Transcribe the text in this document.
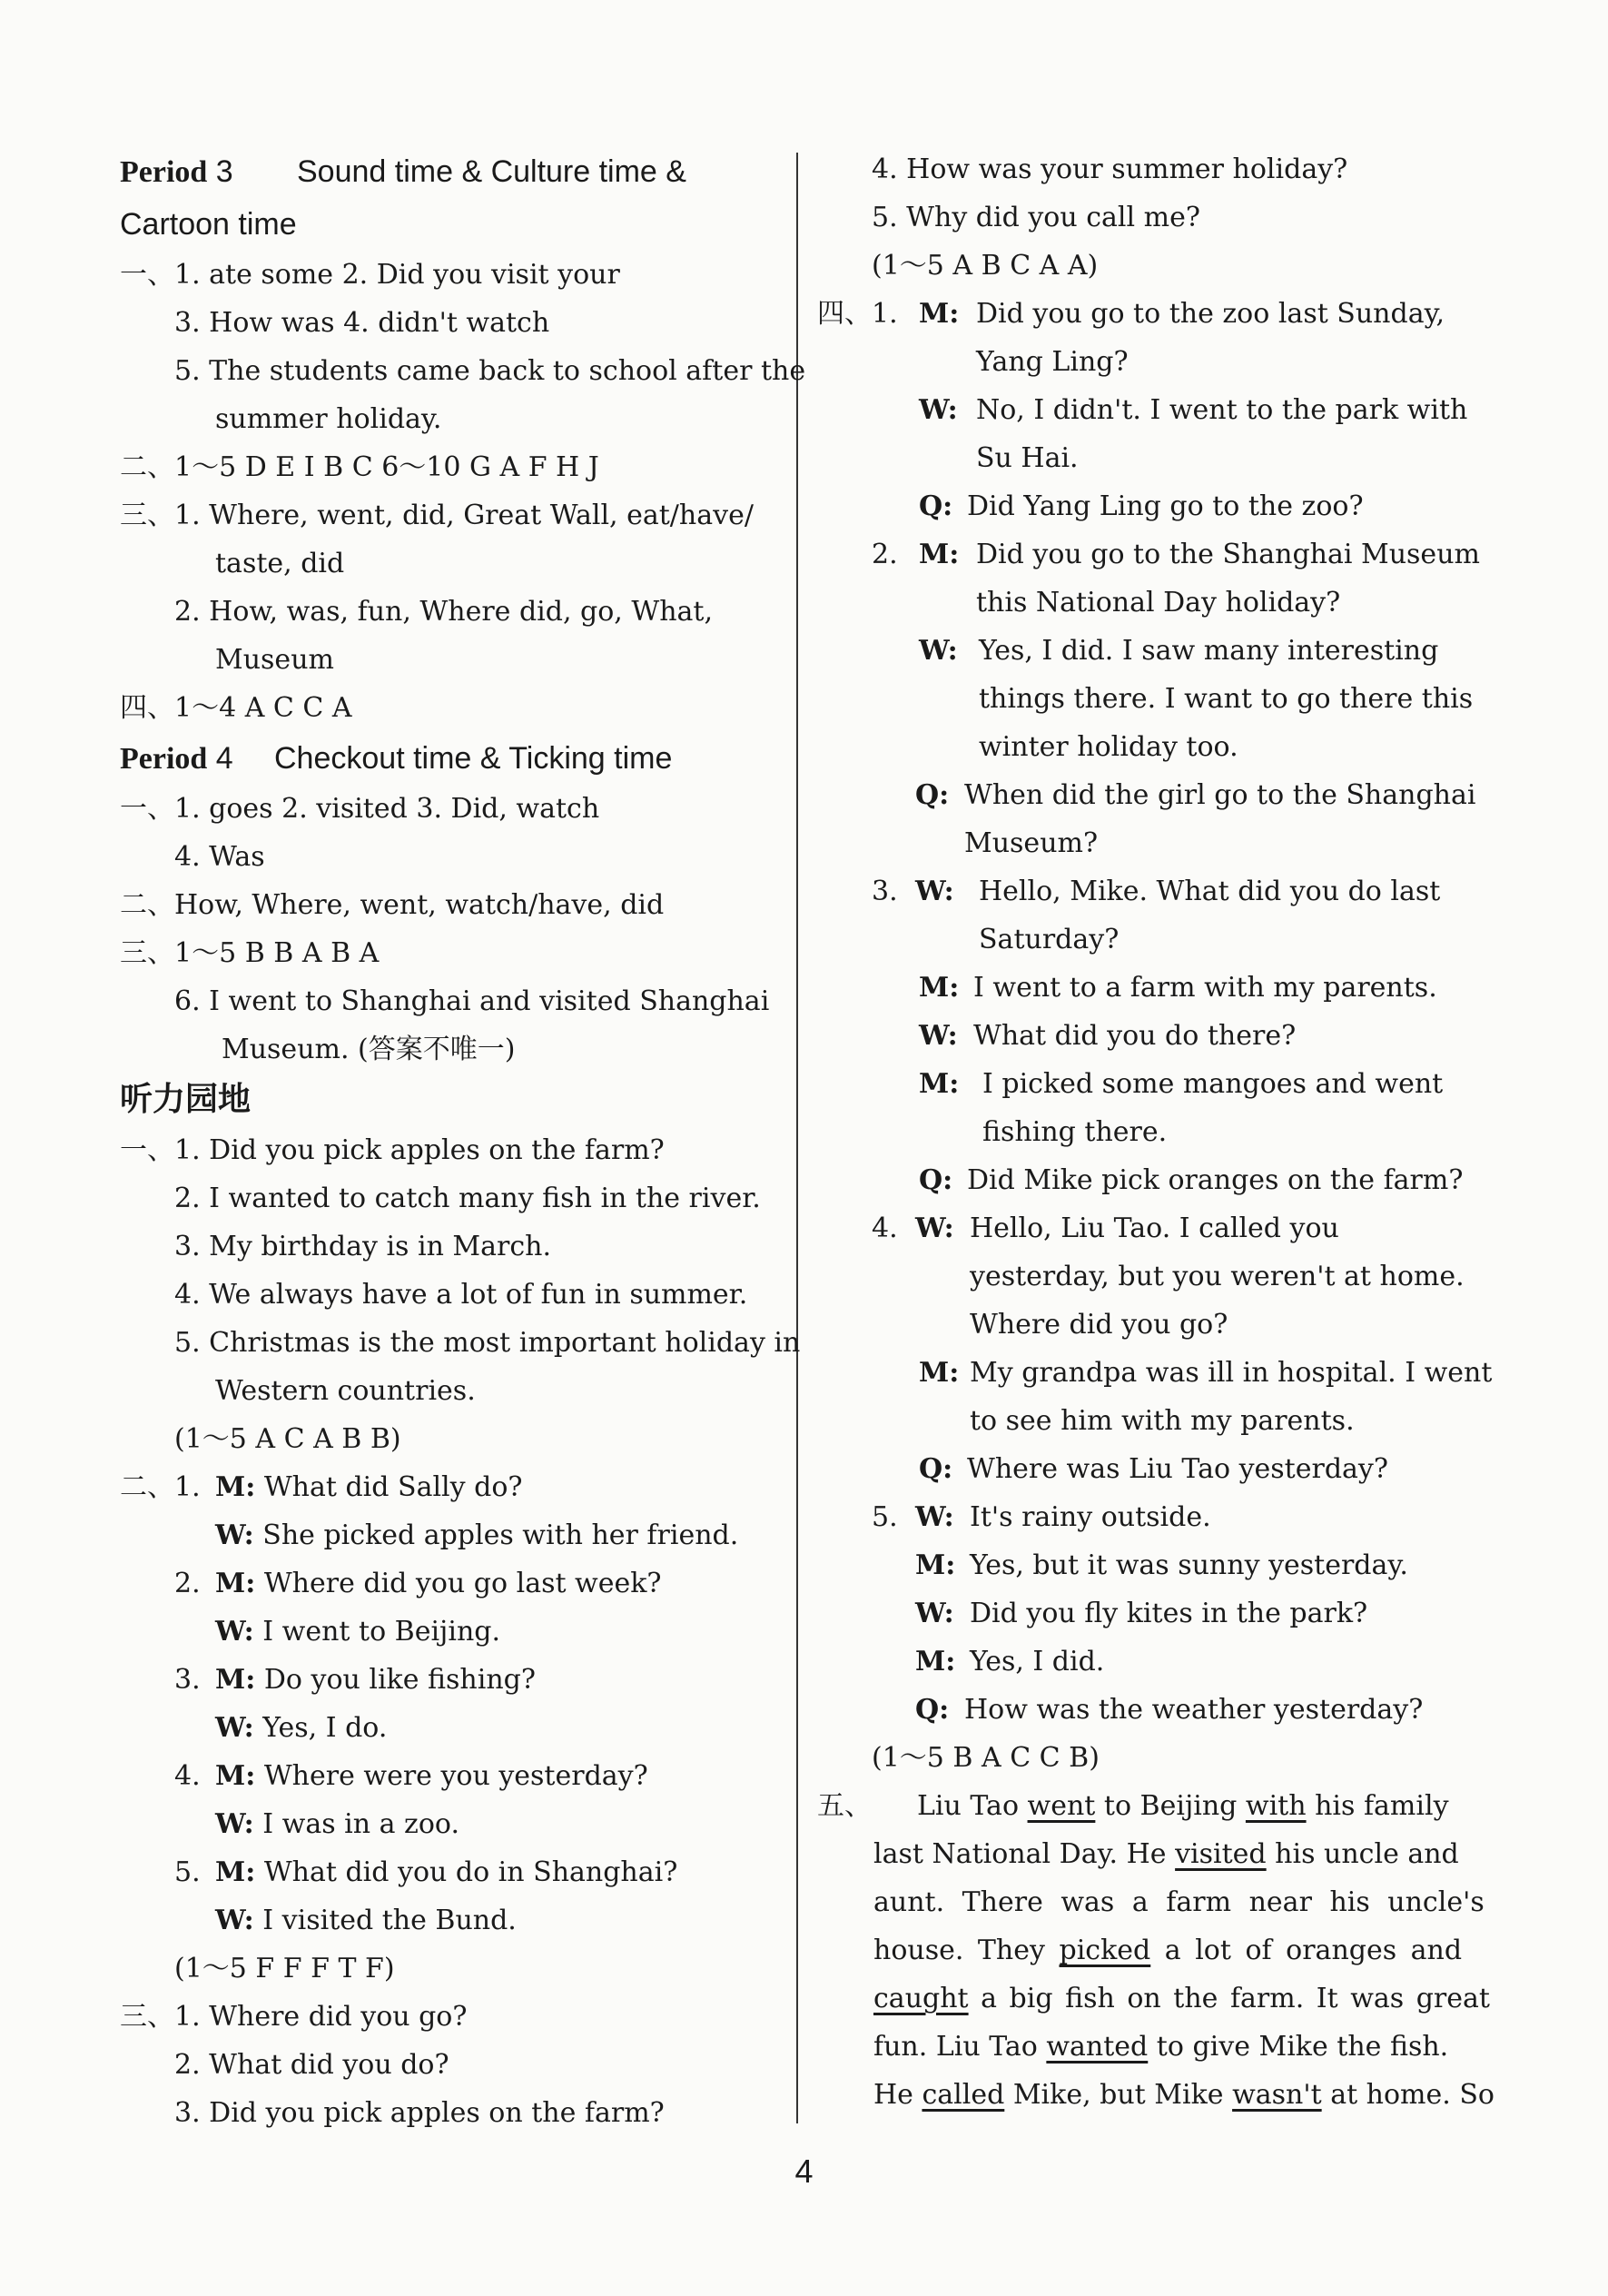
Period 3 Sound time & Culture time &
Cartoon time
一、1. ate some 2. Did you visit your
3. How was 4. didn't watch
5. The students came back to school after the
summer holiday.
二、1～5 D E I B C 6～10 G A F H J
三、1. Where, went, did, Great Wall, eat/have/
taste, did
2. How, was, fun, Where did, go, What,
Museum
四、1～4 A C C A
Period 4 Checkout time & Ticking time
一、1. goes 2. visited 3. Did, watch
4. Was
二、How, Where, went, watch/have, did
三、1～5 B B A B A
6. I went to Shanghai and visited Shanghai
Museum. (答案不唯一)
听力园地
一、1. Did you pick apples on the farm?
2. I wanted to catch many fish in the river.
3. My birthday is in March.
4. We always have a lot of fun in summer.
5. Christmas is the most important holiday in
Western countries.
(1～5 A C A B B)
二、1. M: What did Sally do?
W: She picked apples with her friend.
2. M: Where did you go last week?
W: I went to Beijing.
3. M: Do you like fishing?
W: Yes, I do.
4. M: Where were you yesterday?
W: I was in a zoo.
5. M: What did you do in Shanghai?
W: I visited the Bund.
(1～5 F F F T F)
三、1. Where did you go?
2. What did you do?
3. Did you pick apples on the farm?
4. How was your summer holiday?
5. Why did you call me?
(1～5 A B C A A)
四、1. M: Did you go to the zoo last Sunday,
Yang Ling?
W: No, I didn't. I went to the park with
Su Hai.
Q: Did Yang Ling go to the zoo?
2. M: Did you go to the Shanghai Museum
this National Day holiday?
W: Yes, I did. I saw many interesting
things there. I want to go there this
winter holiday too.
Q: When did the girl go to the Shanghai
Museum?
3. W: Hello, Mike. What did you do last
Saturday?
M: I went to a farm with my parents.
W: What did you do there?
M: I picked some mangoes and went
fishing there.
Q: Did Mike pick oranges on the farm?
4. W: Hello, Liu Tao. I called you
yesterday, but you weren't at home.
Where did you go?
M: My grandpa was ill in hospital. I went
to see him with my parents.
Q: Where was Liu Tao yesterday?
5. W: It's rainy outside.
M: Yes, but it was sunny yesterday.
W: Did you fly kites in the park?
M: Yes, I did.
Q: How was the weather yesterday?
(1～5 B A C C B)
五、 Liu Tao went to Beijing with his family
last National Day. He visited his uncle and
aunt. There was a farm near his uncle's
house. They picked a lot of oranges and
caught a big fish on the farm. It was great
fun. Liu Tao wanted to give Mike the fish.
He called Mike, but Mike wasn't at home. So
4
